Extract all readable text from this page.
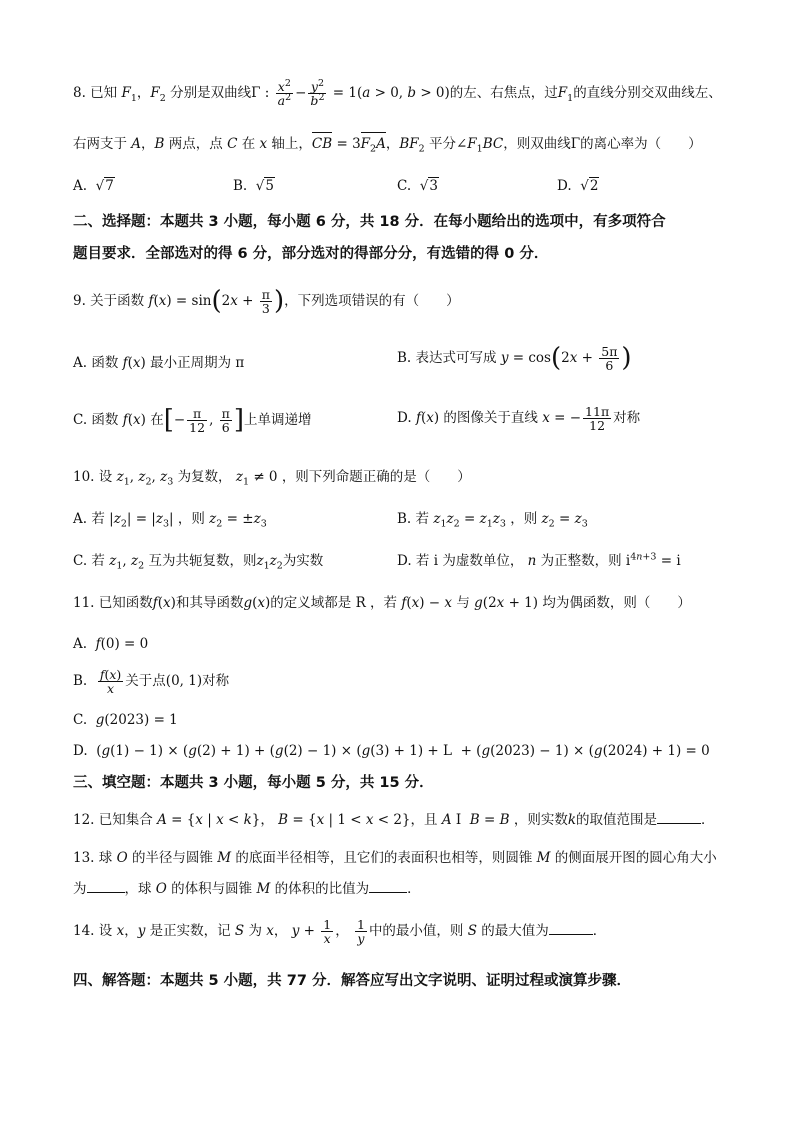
8. 已知 $F_1$，$F_2$ 分别是双曲线Γ : $\frac{x^2}{a^2} - \frac{y^2}{b^2} = 1(a > 0$, b > 0)的左、右焦点，过$F_1$的直线分别交双曲线左、
右两支于 A，B 两点，点 C 在 x 轴上，CB = $3F_2A$，$BF_2$ 平分$\angle F_1BC$，则双曲线Γ的离心率为（　　）
A.  √7	B.  √5	C.  √3	D.  √2
二、选择题：本题共 3 小题，每小题 6 分，共 18 分．在每小题给出的选项中，有多项符合
题目要求．全部选对的得 6 分，部分选对的得部分分，有选错的得 0 分．
9. 关于函数 $f(x) = \sin(2x + \frac{\pi}{3}$ )，下列选项错误的有（　　）
A. 函数 f(x) 最小正周期为 π	B. 表达式可写成 $y = \cos(2x + \frac{5\pi}{6}$ )
C. 函数 f(x) 在[− $\frac{\pi}{12}$ , $\frac{\pi}{6}$ ]上单调递增	D. f(x) 的图像关于直线 x = − $\frac{11\pi}{12}$ 对称
10. 设 $z_1$, $z_2$, $z_3$ 为复数， $z_1 \ne 0$ ，则下列命题正确的是（　　）
A. 若 $|z_2| = |z_3|$ ，则 $z_2 = \pm z_3$	B. 若 $z_1z_2 = z_1z_3$ ，则 $z_2 = z_3$
C. 若 $z_1$, $z_2$ 互为共轭复数，则$z_1z_2$为实数	D. 若 i 为虚数单位， n 为正整数，则 $i^{4n+3} = i$
11. 已知函数f(x)和其导函数g(x)的定义域都是 R ，若 f(x) − x 与 g(2x + 1) 均为偶函数，则（　　）
A. f(0) = 0
B. $\frac{f(x)}{x}$ 关于点(0, 1)对称
C. g(2023) = 1
D.  (g(1) − 1) × (g(2) + 1) + (g(2) − 1) × (g(3) + 1) + L  + (g(2023) − 1) × (g(2024) + 1) = 0
三、填空题：本题共 3 小题，每小题 5 分，共 15 分．
12. 已知集合 A = {x | x < k}， B = {x | 1 < x < 2}，且 A I  B = B ，则实数k的取值范围是	．
13. 球 O 的半径与圆锥 M 的底面半径相等，且它们的表面积也相等，则圆锥 M 的侧面展开图的圆心角大小
为	，球 O 的体积与圆锥 M 的体积的比值为	．
14. 设 x，y 是正实数，记 S 为 x， $y + \frac{1}{x}$ ， $\frac{1}{y}$ 中的最小值，则 S 的最大值为	．
四、解答题：本题共 5 小题，共 77 分．解答应写出文字说明、证明过程或演算步骤．
